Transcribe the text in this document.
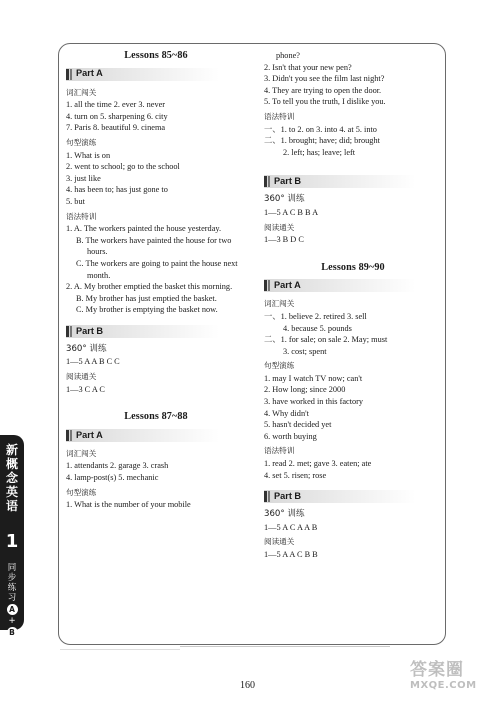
Lessons 85~86
Part A
词汇闯关
1. all the time 2. ever 3. never
4. turn on 5. sharpening 6. city
7. Paris 8. beautiful 9. cinema
句型演练
1. What is on
2. went to school; go to the school
3. just like
4. has been to; has just gone to
5. but
语法特训
1. A. The workers painted the house yesterday.
B. The workers have painted the house for two hours.
C. The workers are going to paint the house next month.
2. A. My brother emptied the basket this morning.
B. My brother has just emptied the basket.
C. My brother is emptying the basket now.
Part B
360° 训练
1—5 A A B C C
阅读通关
1—3 C A C
Lessons 87~88
Part A
词汇闯关
1. attendants 2. garage 3. crash
4. lamp-post(s) 5. mechanic
句型演练
1. What is the number of your mobile
phone?
2. Isn't that your new pen?
3. Didn't you see the film last night?
4. They are trying to open the door.
5. To tell you the truth, I dislike you.
语法特训
一、1. to 2. on 3. into 4. at 5. into
二、1. brought; have; did; brought
2. left; has; leave; left
Part B
360° 训练
1—5 A C B B A
阅读通关
1—3 B D C
Lessons 89~90
Part A
词汇闯关
一、1. believe 2. retired 3. sell
4. because 5. pounds
二、1. for sale; on sale 2. May; must
3. cost; spent
句型演练
1. may I watch TV now; can't
2. How long; since 2000
3. have worked in this factory
4. Why didn't
5. hasn't decided yet
6. worth buying
语法特训
1. read 2. met; gave 3. eaten; ate
4. set 5. risen; rose
Part B
360° 训练
1—5 A C A A B
阅读通关
1—5 A A C B B
新
概
念
英
语
1
同
步
练
习
A
+
B
160
答案圈
MXQE.COM
